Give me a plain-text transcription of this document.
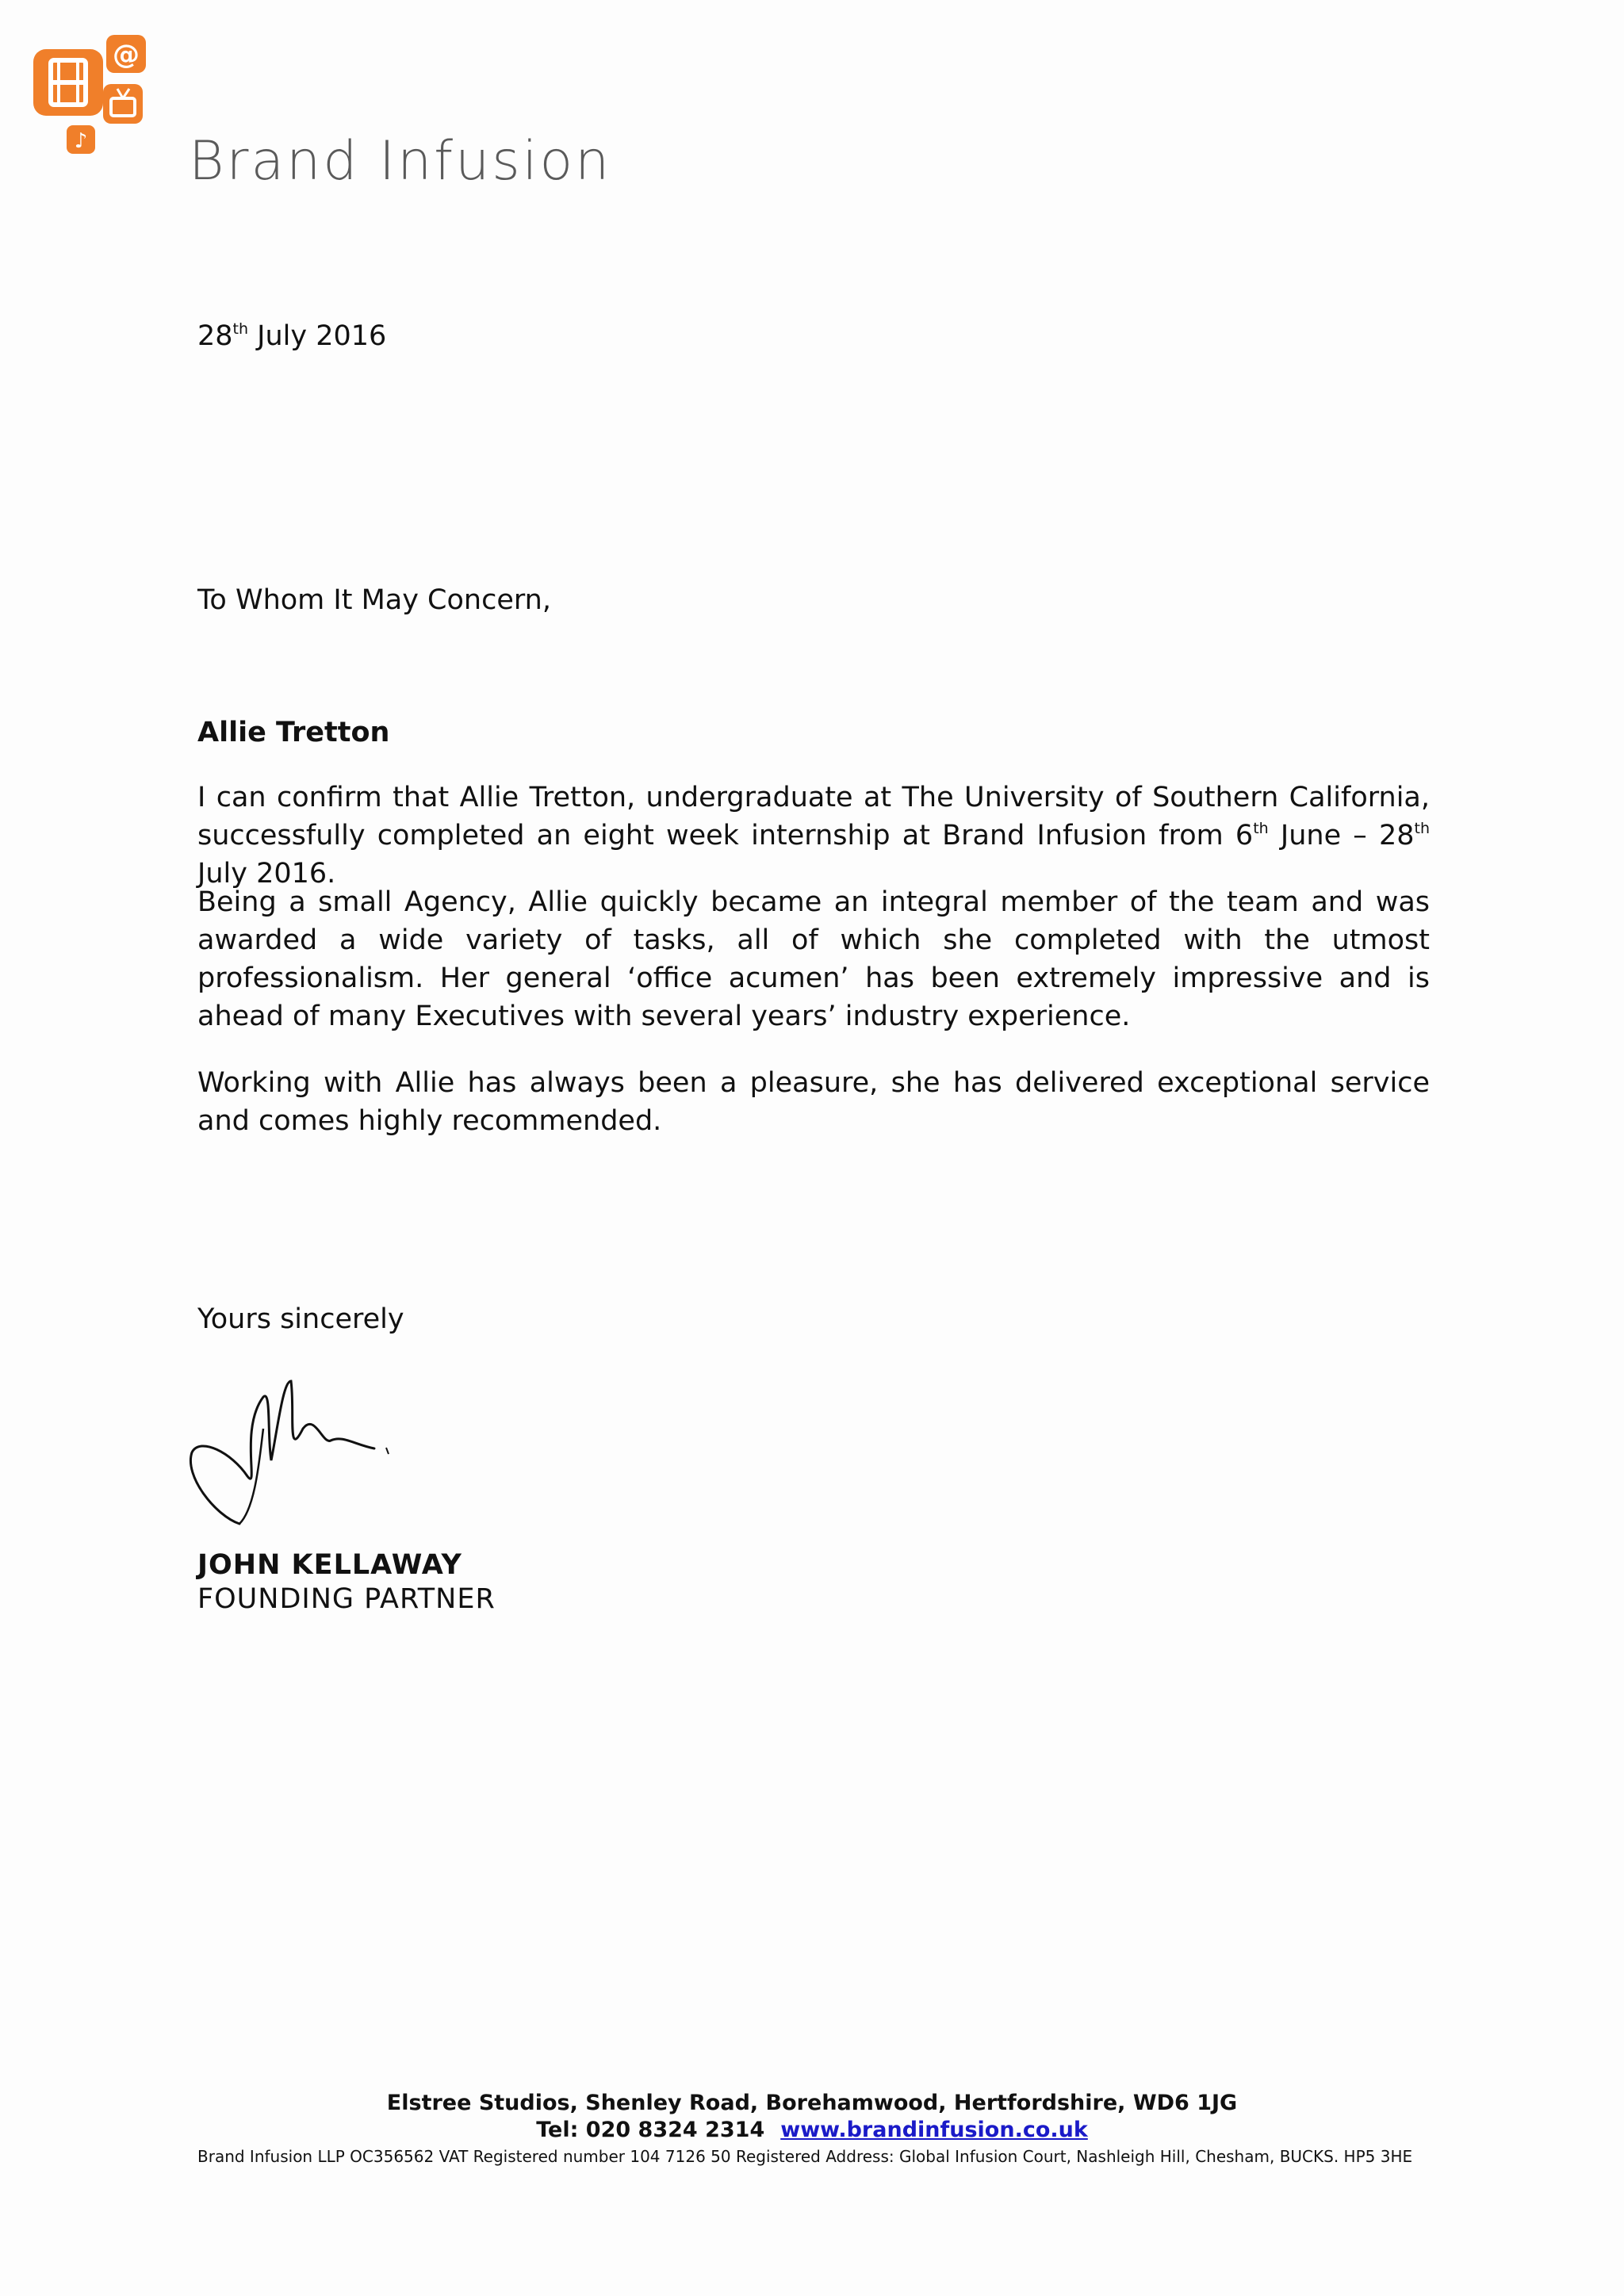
@
♪ Brand Infusion
28th July 2016
To Whom It May Concern,
Allie Tretton
I can confirm that Allie Tretton, undergraduate at The University of Southern California, successfully completed an eight week internship at Brand Infusion from 6th June – 28th July 2016.
Being a small Agency, Allie quickly became an integral member of the team and was awarded a wide variety of tasks, all of which she completed with the utmost professionalism. Her general ‘office acumen’ has been extremely impressive and is ahead of many Executives with several years’ industry experience.
Working with Allie has always been a pleasure, she has delivered exceptional service and comes highly recommended.
Yours sincerely
JOHN KELLAWAY
FOUNDING PARTNER
Elstree Studios, Shenley Road, Borehamwood, Hertfordshire, WD6 1JG
Tel: 020 8324 2314 www.brandinfusion.co.uk
Brand Infusion LLP OC356562 VAT Registered number 104 7126 50 Registered Address: Global Infusion Court, Nashleigh Hill, Chesham, BUCKS. HP5 3HE
